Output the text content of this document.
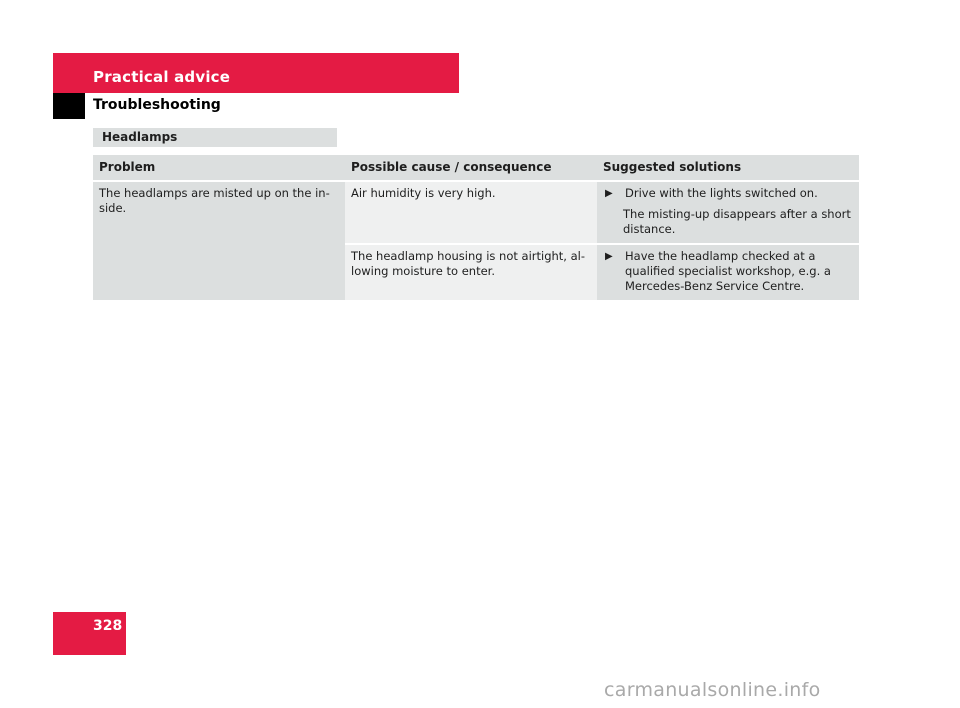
Practical advice
Troubleshooting
Headlamps
Problem	Possible cause / consequence	Suggested solutions
The headlamps are misted up on the in-side.	Air humidity is very high.	▶ Drive with the lights switched on.
The misting-up disappears after a short distance.

	The headlamp housing is not airtight, al-lowing moisture to enter.	▶ Have the headlamp checked at a qualified specialist workshop, e.g. a Mercedes-Benz Service Centre.
328
carmanualsonline.info
